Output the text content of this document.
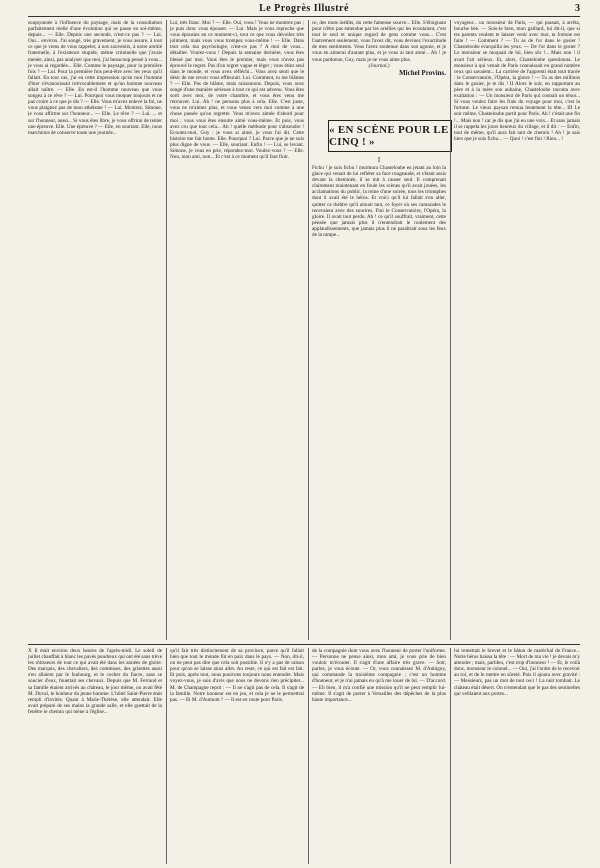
Le Progrès Illustré	3

soupçonnée à l'influence du paysage, mais de la consultation parfaitement réelle d'une évolution qui se passe en soi-même, depuis... — Elle. Depuis une seconde, n'est-ce pas ? — Lui. Oui... environ. J'ai songé, très gravement, je vous assure, à tout ce que je viens de vous rappeler, à nos souvenirs, à notre amitié fraternelle, à l'existence stupide, même criminelle que j'avais menée, ainsi, pas analyser que moi, j'ai beaucoup pensé à vous... je vous ai regardée... Elle. Comme le paysage, pour la première fois ? — Lui. Pour la première fois peut-être avec les yeux qu'il fallait. En tout cas, j'ai eu cette impression qu'en moi l'homme d'hier s'évanouissait irrévocablement et qu'un homme nouveau allait naître. — Elle. En est-il l'homme nouveau que vous songez à ce rêve ? — Lui. Pourquoi vous moquer toujours et ne pas croire à ce que je dis ? — Elle. Vous m'avez enlevé la foi, ne vous plaignez pas de mon athéisme ! — Lui. Montrez, Simone, je vous affirme sur l'honneur... — Elle. Le rêve ? — Lui. ... et sur l'honneur, aussi... Si vous êtes libre, je vous offrirai de tenter une épreuve. Elle. Une épreuve ? — Elle, en souriant. Elle, nous marchions de conserve toute une journée...

Lui, très franc. Moi ? — Elle. Oui, vous ! Vous ne montrez pas ; je puis donc vous épouser. — Lui. Mais je vous reproche que vous épousiez en ce moment-ci, tout ce que vous dévoilez très joliment, mais vous vous trompez vous-même ! — Elle. Dans tout cela ma psychologie, n'est-ce pas ? A moi de vous... détailler. Voulez-vous ! Depuis la semaine dernière, vous êtes blessé par moi. Vous êtes le premier, mais vous n'avez pas éprouvé le regret. Pas d'un regret vague et léger ; vous étiez seul dans le monde, et vous avez réfléchi... Vous avez senti que le désir de me revoir vous effleurait. Lui. Comment, tu me blâmes ? — Elle. Pas de blâme, mais raisonnons. Depuis, vous avez songé d'une manière sérieuse à tout ce qui est advenu. Vous êtes sorti avec moi, de votre chambre, et vous êtes venu me retrouver. Lui. Ah ! ne pensons plus à cela. Elle. C'est juste, vous ne m'aimez plus, et vous venez vers moi comme à une chose passée qu'on regrette. Vous m'avez aimée d'abord pour moi ; vous vous êtes ensuite aimé vous-même. Et puis, vous avez cru que tout cela... Ah ! quelle méthode pour s'absoudre ! Ecoutez-moi, Guy : je vous ai aimé, je vous l'ai dit. Cette histoire me fait honte. Elle. Pourquoi ? Lui. Parce que je ne suis plus digne de vous. — Elle, souriant. Enfin ! — Lui, se levant. Simone, je vous en prie, répondez-moi. Voulez-vous ? — Elle. Non, mon ami, non... Et c'est à ce moment qu'il faut finir.

ce, des mots inédits, du cette fameuse source... Elle. S'éloignant pour n'être pas entendue par les oreilles qui les écoutaient, c'est tout le seul et unique regard de gens comme vous... C'est l'autrement seulement, vous l'avez dit, vous devinez l'exactitude de mes sentiments. Vous l'avez soutenue dans son agonie, et je vous en aimerai d'autant plus, et je vous ai tant aimé... Ah ! je vous pardonne, Guy, mais je ne vous aime plus.

(Journal.)
Michel Provins.
« EN SCÈNE POUR LE CINQ ! »
I

Fichu ! je suis fichu ! murmura Chasteloube en jetant au loin la glace qui venait de lui refléter sa face rougeaude, et s'étant assis devant la cheminée, il se mit à causer seul. Il comprenait clairement maintenant en foule les scènes qu'il avait jouées, les acclamations du public, la reine d'une soirée, tous les triomphes dont il avait été le héros. Et voici qu'il lui fallait s'en aller, quitter ce théâtre qu'il aimait tant, ce foyer où ses camarades le recevaient avec des sourires. Fini le Conservatoire, l'Opéra, la gloire. Il avait tout perdu. Ah ! ce qu'il souffrait, vraiment, cette pensée que jamais plus il n'entendrait le roulement des applaudissements, que jamais plus il ne paraîtrait sous les feux de la rampe...

voyageur... un monsieur de Paris, — qui passait, à arrêta, bouche bée. — Sois-le bien, mon gaillard, lui dit-il, que si tes parents veulent te laisser venir avec moi, ta fortune est faite ! — Comment ? — Tu as de l'or dans le gosier ! Chasteloube écarquilla les yeux. — De l'or dans le gosier ? Le monsieur se moquait de lui, bien sûr !... Mais non ! il avait l'air sérieux. Et, alors, Chasteloube questionna. Le monsieur à qui venait de Paris connaissait en grand nombre ceux qui savaient... La carrière de l'apprenti était tout tracée : le Conservatoire, l'Opéra, la gloire ! — Tu as des millions dans le gosier, je te dis ! II Alors le soir, en rapportant au père et à la mère son aubaine, Chasteloube raconta avec exaltation : — Un monsieur de Paris qui connaît un ténor... Si vous voulez faire les frais du voyage pour moi, c'est la fortune. Le vieux paysan remua lentement la tête... III Le soir même, Chasteloube partit pour Paris. Ah ! c'était une fin !... Mais non ! car je dis que j'ai eu une voix... Et sans jamais il se rappela les jours heureux du village, et il dit : — Enfin, tout de même, qu'il aura fait tant de chemin ! Ah ! je sais bien que je suis fichu... — Quoi ! c'est fini ! Rien... !

X Il était environ deux heures de l'après-midi. Le soleil de juillet chauffait à blanc les pavés poudreux qui ont été sans trêve les rôtisseurs de tout ce qui avait été dans les années de gloire. Des marquis, des chevaliers, des comtesses, des grisettes aussi s'en allaient par le faubourg, et le cocher du fiacre, sans se soucier d'eux, fouettait ses chevaux. Depuis que M. Ferrand et sa famille étaient arrivés au château, le jour même, on avait fêté M. Duval, le bonheur du jeune homme. L'hôtel Saint-Pierre était rempli d'invités. Quant à Marie-Thérèse, elle attendait. Elle avait préparé de ses mains la grande salle, et elle guettait de la fenêtre le chemin qui mène à l'église...

qu'il fait très distinctement de sa province, parce qu'il fallait bien que tout le monde fût en paix dans le pays. — Non, dit-il, on ne peut pas dire que cela soit possible. Il n'y a pas de raison pour qu'on se laisse ainsi aller. Au reste, ce qui est fait est fait. Et puis, après tout, nous pourrons toujours nous entendre. Mais voyez-vous, je suis d'avis que nous ne devons rien précipiter... M. de Champagne reprit : — Il ne s'agit pas de cela. Il s'agit de la famille. Notre honneur est en jeu, et cela je ne le permettrai pas. — Et M. d'Aumont ? — Il est en route pour Paris.

de la compagnie dont vous avez l'honneur de porter l'uniforme. — Personne ne pense ainsi, mon ami, je vous prie de bien vouloir m'écouter. Il s'agit d'une affaire très grave. — Soit, parlez, je vous écoute. — Or, vous connaissez M. d'Aubigny, qui commande la troisième compagnie ; c'est un homme d'honneur, et je n'ai jamais eu qu'à me louer de lui. — D'accord. — Eh bien, il m'a confié une mission qu'il ne peut remplir lui-même. Il s'agit de porter à Versailles des dépêches de la plus haute importance...

lui remettait le brevet et le bâton de maréchal de France... Notre héros baissa la tête : — Mort de ma vie ! je devais m'y attendre ; mais, parbleu, c'est trop d'honneur ! — Et, le voilà donc, monsieur le colonel... — Oui, j'ai l'ordre de le recevoir au roi, et de le mettre en sûreté. Puis il ajouta avec gravité : — Messieurs, pas un mot de tout ceci ! La nuit tombait. Le château était désert. On n'entendait que le pas des sentinelles qui veillaient aux portes...
